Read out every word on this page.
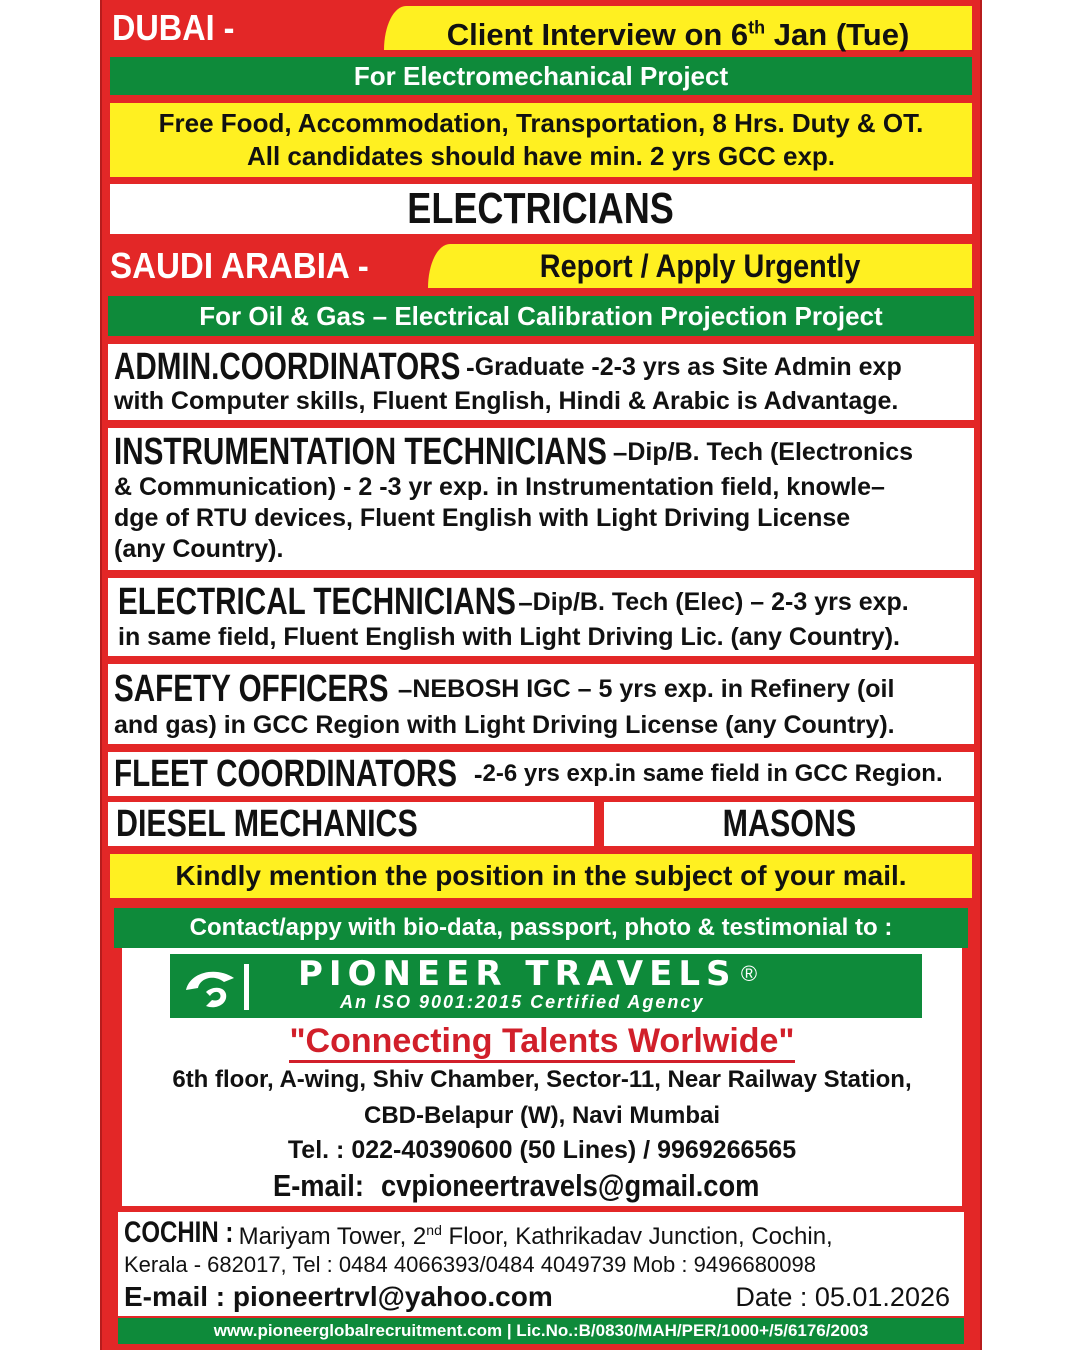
DUBAI -	Client Interview on 6th Jan (Tue)
For Electromechanical Project
Free Food, Accommodation, Transportation, 8 Hrs. Duty & OT.
All candidates should have min. 2 yrs GCC exp.
ELECTRICIANS
SAUDI ARABIA -	Report / Apply Urgently
For Oil & Gas – Electrical Calibration Projection Project
ADMIN.COORDINATORS - Graduate -2-3 yrs as Site Admin exp
with Computer skills, Fluent English, Hindi & Arabic is Advantage.
INSTRUMENTATION TECHNICIANS – Dip/B. Tech (Electronics
& Communication) - 2 -3 yr exp. in Instrumentation field, knowle–
dge of RTU devices, Fluent English with Light Driving License
(any Country).
ELECTRICAL TECHNICIANS – Dip/B. Tech (Elec) – 2-3 yrs exp.
in same field, Fluent English with Light Driving Lic. (any Country).
SAFETY OFFICERS – NEBOSH IGC – 5 yrs exp. in Refinery (oil
and gas) in GCC Region with Light Driving License (any Country).
FLEET COORDINATORS - 2-6 yrs exp.in same field in GCC Region.
DIESEL MECHANICS	MASONS
Kindly mention the position in the subject of your mail.
Contact/appy with bio-data, passport, photo & testimonial to :
PIONEER TRAVELS ®
An ISO 9001:2015 Certified Agency
"Connecting Talents Worlwide"
6th floor, A-wing, Shiv Chamber, Sector-11, Near Railway Station,
CBD-Belapur (W), Navi Mumbai
Tel. : 022-40390600 (50 Lines) / 9969266565
E-mail: cvpioneertravels@gmail.com
COCHIN : Mariyam Tower, 2nd Floor, Kathrikadav Junction, Cochin,
Kerala - 682017, Tel : 0484 4066393/0484 4049739 Mob : 9496680098
E-mail : pioneertrvl@yahoo.com	Date : 05.01.2026
www.pioneerglobalrecruitment.com | Lic.No.:B/0830/MAH/PER/1000+/5/6176/2003
